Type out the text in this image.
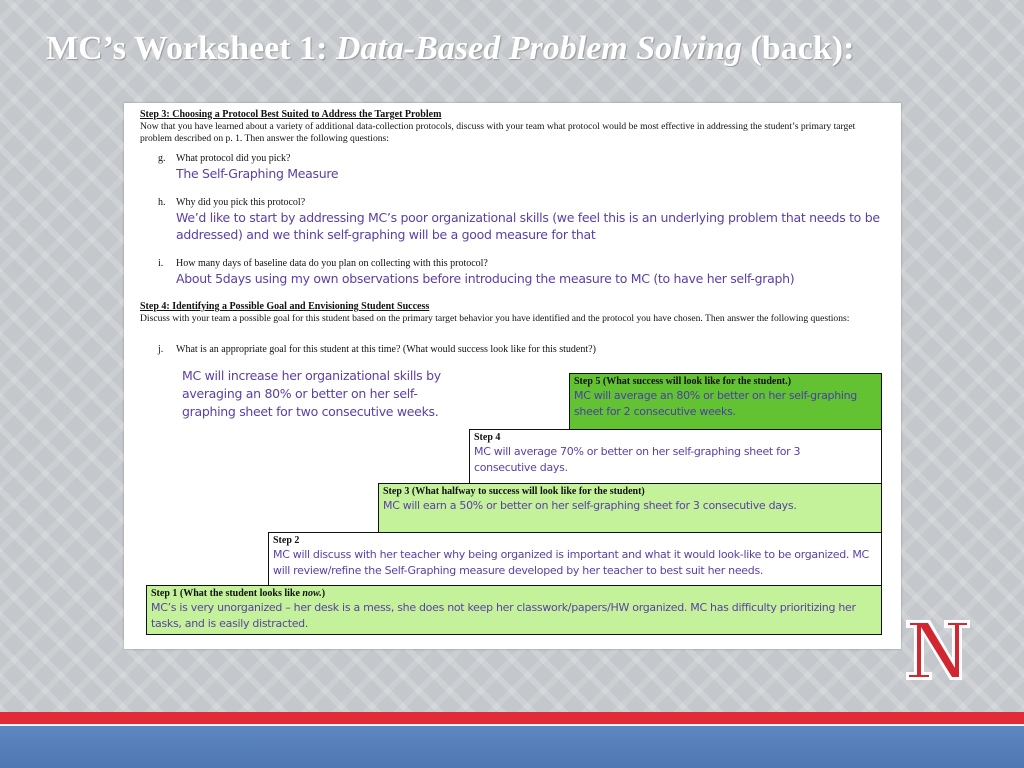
MC’s Worksheet 1: Data-Based Problem Solving (back):
Step 3: Choosing a Protocol Best Suited to Address the Target Problem
Now that you have learned about a variety of additional data-collection protocols, discuss with your team what protocol would be most effective in addressing the student’s primary target problem described on p. 1. Then answer the following questions:
g. What protocol did you pick?
The Self-Graphing Measure
h. Why did you pick this protocol?
We’d like to start by addressing MC’s poor organizational skills (we feel this is an underlying problem that needs to be addressed) and we think self-graphing will be a good measure for that
i. How many days of baseline data do you plan on collecting with this protocol?
About 5days using my own observations before introducing the measure to MC (to have her self-graph)
Step 4: Identifying a Possible Goal and Envisioning Student Success
Discuss with your team a possible goal for this student based on the primary target behavior you have identified and the protocol you have chosen. Then answer the following questions:
j. What is an appropriate goal for this student at this time? (What would success look like for this student?)
MC will increase her organizational skills by averaging an 80% or better on her self-graphing sheet for two consecutive weeks.
Step 5 (What success will look like for the student.)
MC will average an 80% or better on her self-graphing sheet for 2 consecutive weeks.
Step 4
MC will average 70% or better on her self-graphing sheet for 3 consecutive days.
Step 3 (What halfway to success will look like for the student)
MC will earn a 50% or better on her self-graphing sheet for 3 consecutive days.
Step 2
MC will discuss with her teacher why being organized is important and what it would look-like to be organized. MC will review/refine the Self-Graphing measure developed by her teacher to best suit her needs.
Step 1 (What the student looks like now.)
MC’s is very unorganized – her desk is a mess, she does not keep her classwork/papers/HW organized. MC has difficulty prioritizing her tasks, and is easily distracted.
